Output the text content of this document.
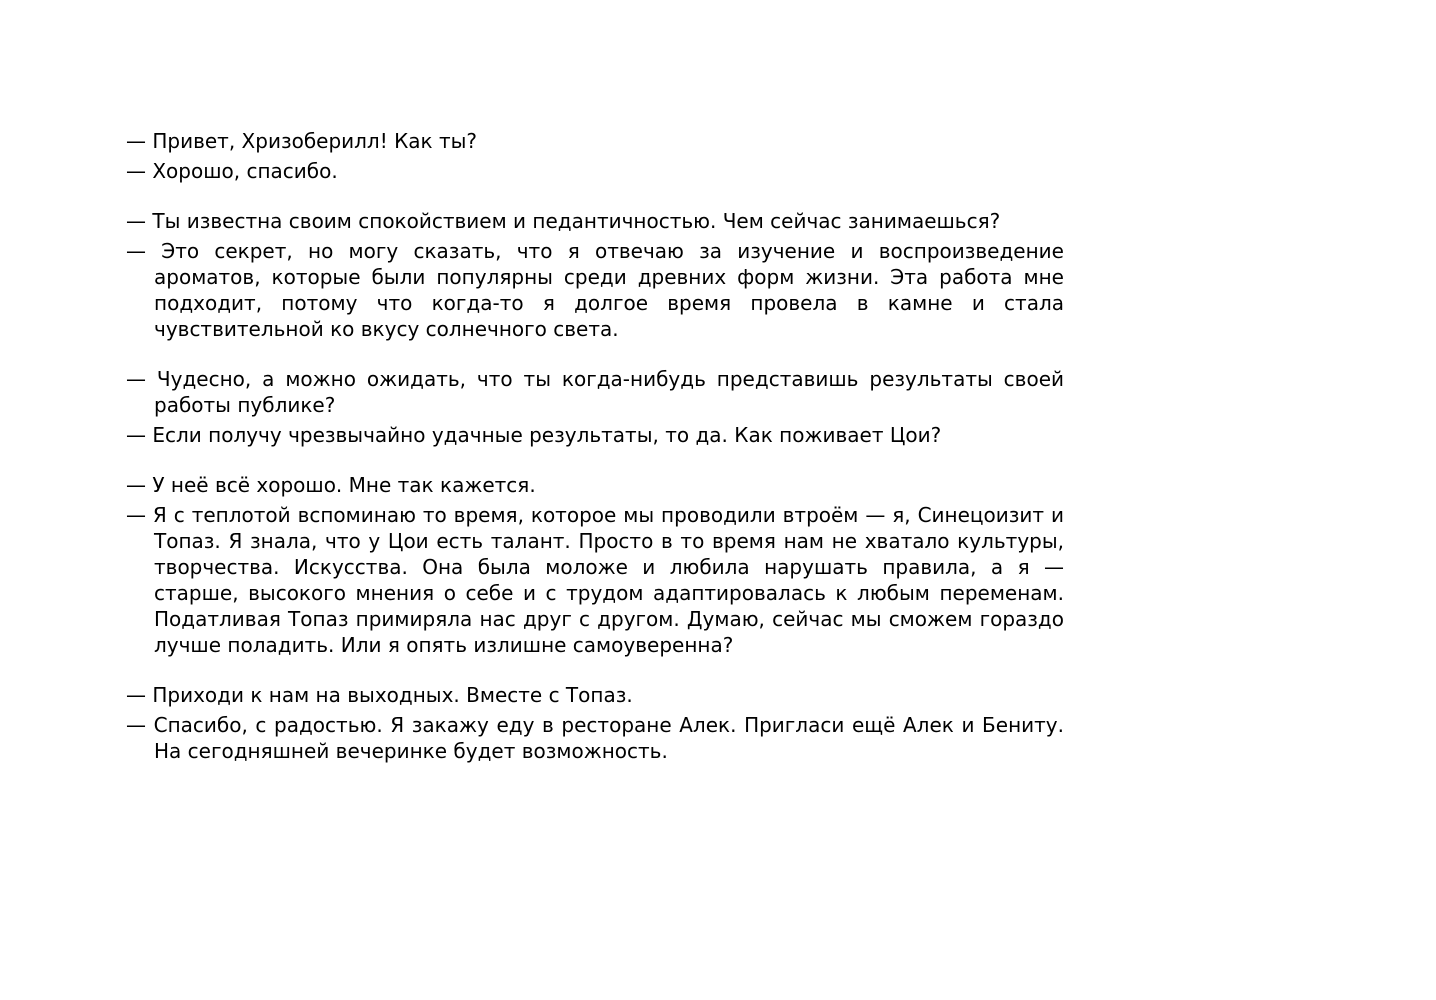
— Привет, Хризоберилл! Как ты?

— Хорошо, спасибо.

— Ты известна своим спокойствием и педантичностью. Чем сейчас занимаешься?

— Это секрет, но могу сказать, что я отвечаю за изучение и воспроизведение ароматов, которые были популярны среди древних форм жизни. Эта работа мне подходит, потому что когда-то я долгое время провела в камне и стала чувствительной ко вкусу солнечного света.

— Чудесно, а можно ожидать, что ты когда-нибудь представишь результаты своей работы публике?

— Если получу чрезвычайно удачные результаты, то да. Как поживает Цои?

— У неё всё хорошо. Мне так кажется.

— Я с теплотой вспоминаю то время, которое мы проводили втроём — я, Синецоизит и Топаз. Я знала, что у Цои есть талант. Просто в то время нам не хватало культуры, творчества. Искусства. Она была моложе и любила нарушать правила, а я — старше, высокого мнения о себе и с трудом адаптировалась к любым переменам. Податливая Топаз примиряла нас друг с другом. Думаю, сейчас мы сможем гораздо лучше поладить. Или я опять излишне самоуверенна?

— Приходи к нам на выходных. Вместе с Топаз.

— Спасибо, с радостью. Я закажу еду в ресторане Алек. Пригласи ещё Алек и Бениту. На сегодняшней вечеринке будет возможность.
